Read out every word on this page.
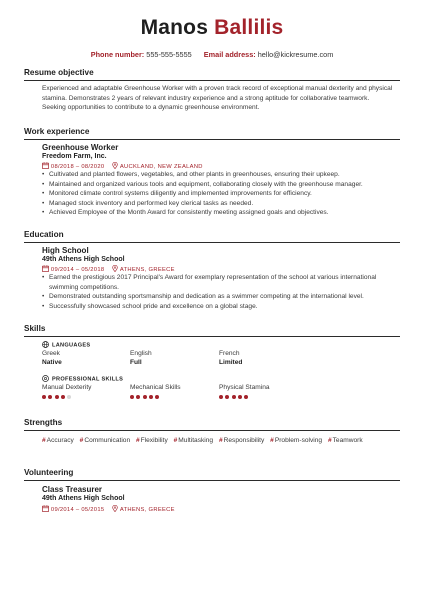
Manos Ballilis
Phone number: 555-555-5555 Email address: hello@kickresume.com
Resume objective
Experienced and adaptable Greenhouse Worker with a proven track record of exceptional manual dexterity and physical stamina. Demonstrates 2 years of relevant industry experience and a strong aptitude for collaborative teamwork. Seeking opportunities to contribute to a dynamic greenhouse environment.
Work experience
Greenhouse Worker
Freedom Farm, Inc.
08/2018 – 08/2020	AUCKLAND, NEW ZEALAND
• Cultivated and planted flowers, vegetables, and other plants in greenhouses, ensuring their upkeep.
• Maintained and organized various tools and equipment, collaborating closely with the greenhouse manager.
• Monitored climate control systems diligently and implemented improvements for efficiency.
• Managed stock inventory and performed key clerical tasks as needed.
• Achieved Employee of the Month Award for consistently meeting assigned goals and objectives.
Education
High School
49th Athens High School
09/2014 – 05/2018	ATHENS, GREECE
• Earned the prestigious 2017 Principal's Award for exemplary representation of the school at various international swimming competitions.
• Demonstrated outstanding sportsmanship and dedication as a swimmer competing at the international level.
• Successfully showcased school pride and excellence on a global stage.
Skills
LANGUAGES
Greek
Native
English
Full
French
Limited
PROFESSIONAL SKILLS
Manual Dexterity	Mechanical Skills	Physical Stamina
Strengths
#Accuracy #Communication #Flexibility #Multitasking #Responsibility #Problem-solving #Teamwork
Volunteering
Class Treasurer
49th Athens High School
09/2014 – 05/2015	ATHENS, GREECE
